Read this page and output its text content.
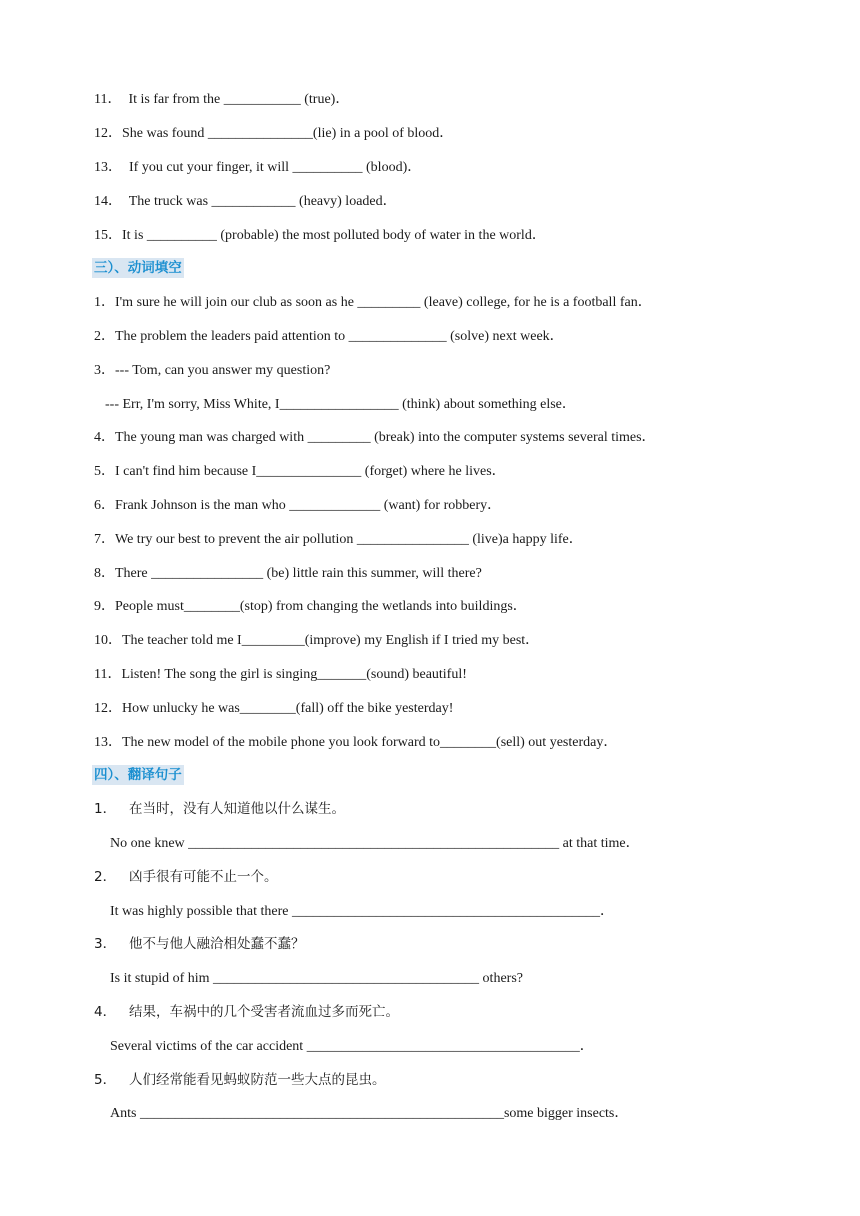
11．  It is far from the ___________ (true)．
12．She was found _______________(lie) in a pool of blood．
13．  If you cut your finger, it will __________ (blood)．
14．  The truck was ____________ (heavy) loaded．
15．It is __________ (probable) the most polluted body of water in the world．
三）、动词填空
1．I'm sure he will join our club as soon as he _________ (leave) college, for he is a football fan．
2．The problem the leaders paid attention to ______________ (solve) next week．
3．--- Tom, can you answer my question?
--- Err, I'm sorry, Miss White, I_________________ (think) about something else．
4．The young man was charged with _________ (break) into the computer systems several times．
5．I can't find him because I_______________ (forget) where he lives．
6．Frank Johnson is the man who _____________ (want) for robbery．
7．We try our best to prevent the air pollution ________________ (live)a happy life．
8．There ________________ (be) little rain this summer, will there?
9．People must________(stop) from changing the wetlands into buildings．
10．The teacher told me I_________(improve) my English if I tried my best．
11．Listen! The song the girl is singing_______(sound) beautiful!
12．How unlucky he was________(fall) off the bike yesterday!
13．The new model of the mobile phone you look forward to________(sell) out yesterday．
四）、翻译句子
1．   在当时，没有人知道他以什么谋生。
No one knew _____________________________________________________ at that time．
2．   凶手很有可能不止一个。
It was highly possible that there ____________________________________________．
3．   他不与他人融洽相处蠢不蠢？
Is it stupid of him ______________________________________ others?
4．   结果，车祸中的几个受害者流血过多而死亡。
Several victims of the car accident _______________________________________．
5．   人们经常能看见蚂蚁防范一些大点的昆虫。
Ants ____________________________________________________some bigger insects．
